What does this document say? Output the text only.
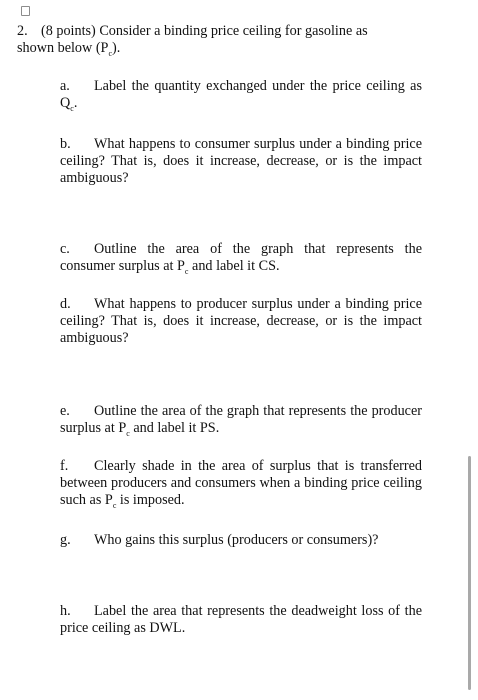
2. (8 points) Consider a binding price ceiling for gasoline as
shown below $(P_c)$.

a. Label the quantity exchanged under the price ceiling as $Q_c$.

b. What happens to consumer surplus under a binding price ceiling? That is, does it increase, decrease, or is the impact ambiguous?

c. Outline the area of the graph that represents the consumer surplus at $P_c$ and label it CS.

d. What happens to producer surplus under a binding price ceiling? That is, does it increase, decrease, or is the impact ambiguous?

e. Outline the area of the graph that represents the producer surplus at $P_c$ and label it PS.

f. Clearly shade in the area of surplus that is transferred between producers and consumers when a binding price ceiling such as $P_c$ is imposed.

g. Who gains this surplus (producers or consumers)?

h. Label the area that represents the deadweight loss of the price ceiling as DWL.
